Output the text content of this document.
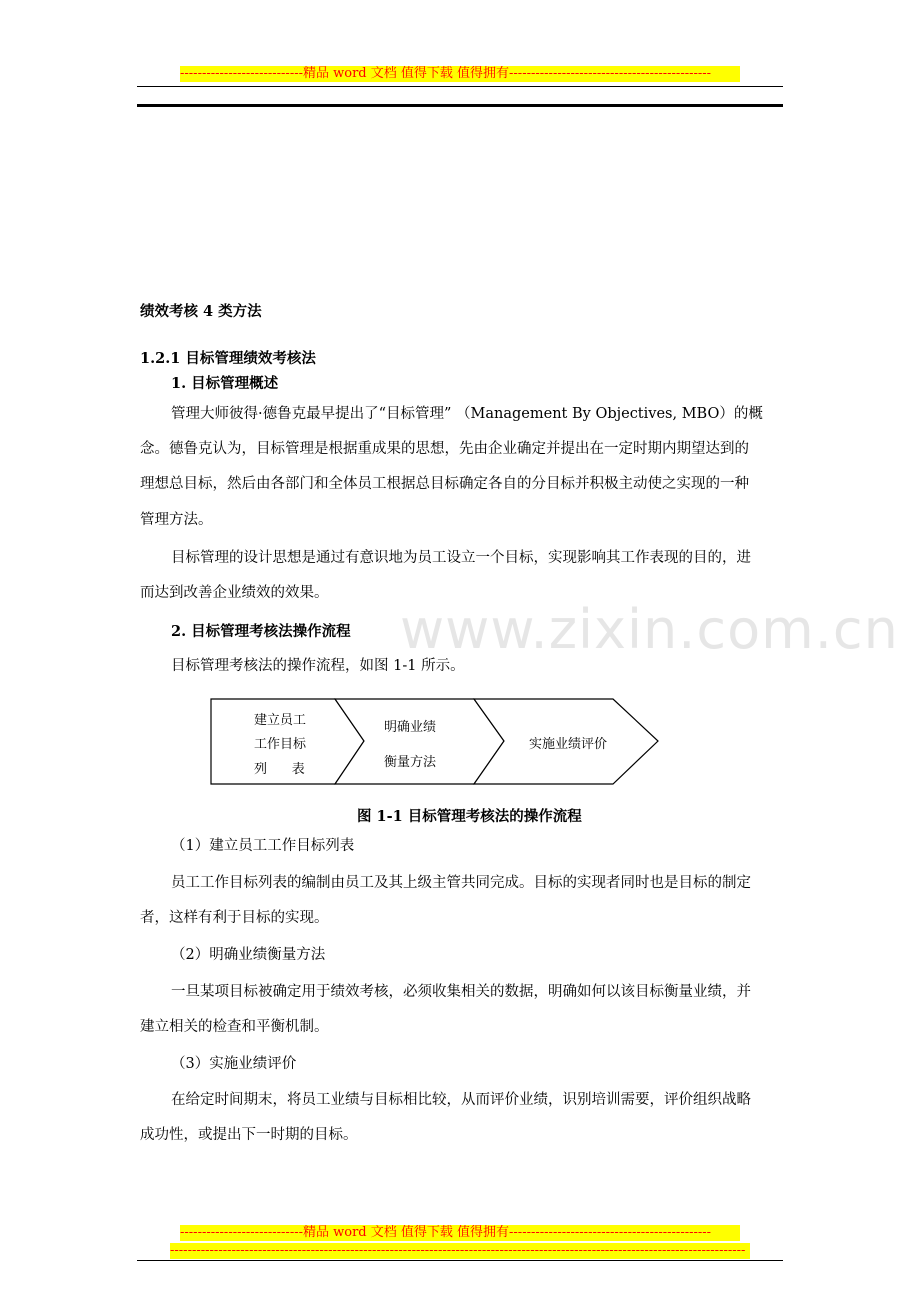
----------------------------精品 word 文档 值得下载 值得拥有----------------------------------------------
www.zixin.com.cn
绩效考核 4 类方法
1.2.1 目标管理绩效考核法
1. 目标管理概述
管理大师彼得·德鲁克最早提出了“目标管理” （Management By Objectives, MBO）的概
念。德鲁克认为，目标管理是根据重成果的思想，先由企业确定并提出在一定时期内期望达到的
理想总目标，然后由各部门和全体员工根据总目标确定各自的分目标并积极主动使之实现的一种
管理方法。
目标管理的设计思想是通过有意识地为员工设立一个目标，实现影响其工作表现的目的，进
而达到改善企业绩效的效果。
2. 目标管理考核法操作流程
目标管理考核法的操作流程，如图 1-1 所示。
建立员工
工作目标
列      表
明确业绩
衡量方法
实施业绩评价
图 1-1 目标管理考核法的操作流程
（1）建立员工工作目标列表
员工工作目标列表的编制由员工及其上级主管共同完成。目标的实现者同时也是目标的制定
者，这样有利于目标的实现。
（2）明确业绩衡量方法
一旦某项目标被确定用于绩效考核，必须收集相关的数据，明确如何以该目标衡量业绩，并
建立相关的检查和平衡机制。
（3）实施业绩评价
在给定时间期末，将员工业绩与目标相比较，从而评价业绩，识别培训需要，评价组织战略
成功性，或提出下一时期的目标。
----------------------------精品 word 文档 值得下载 值得拥有----------------------------------------------
-----------------------------------------------------------------------------------------------------------------------------------
